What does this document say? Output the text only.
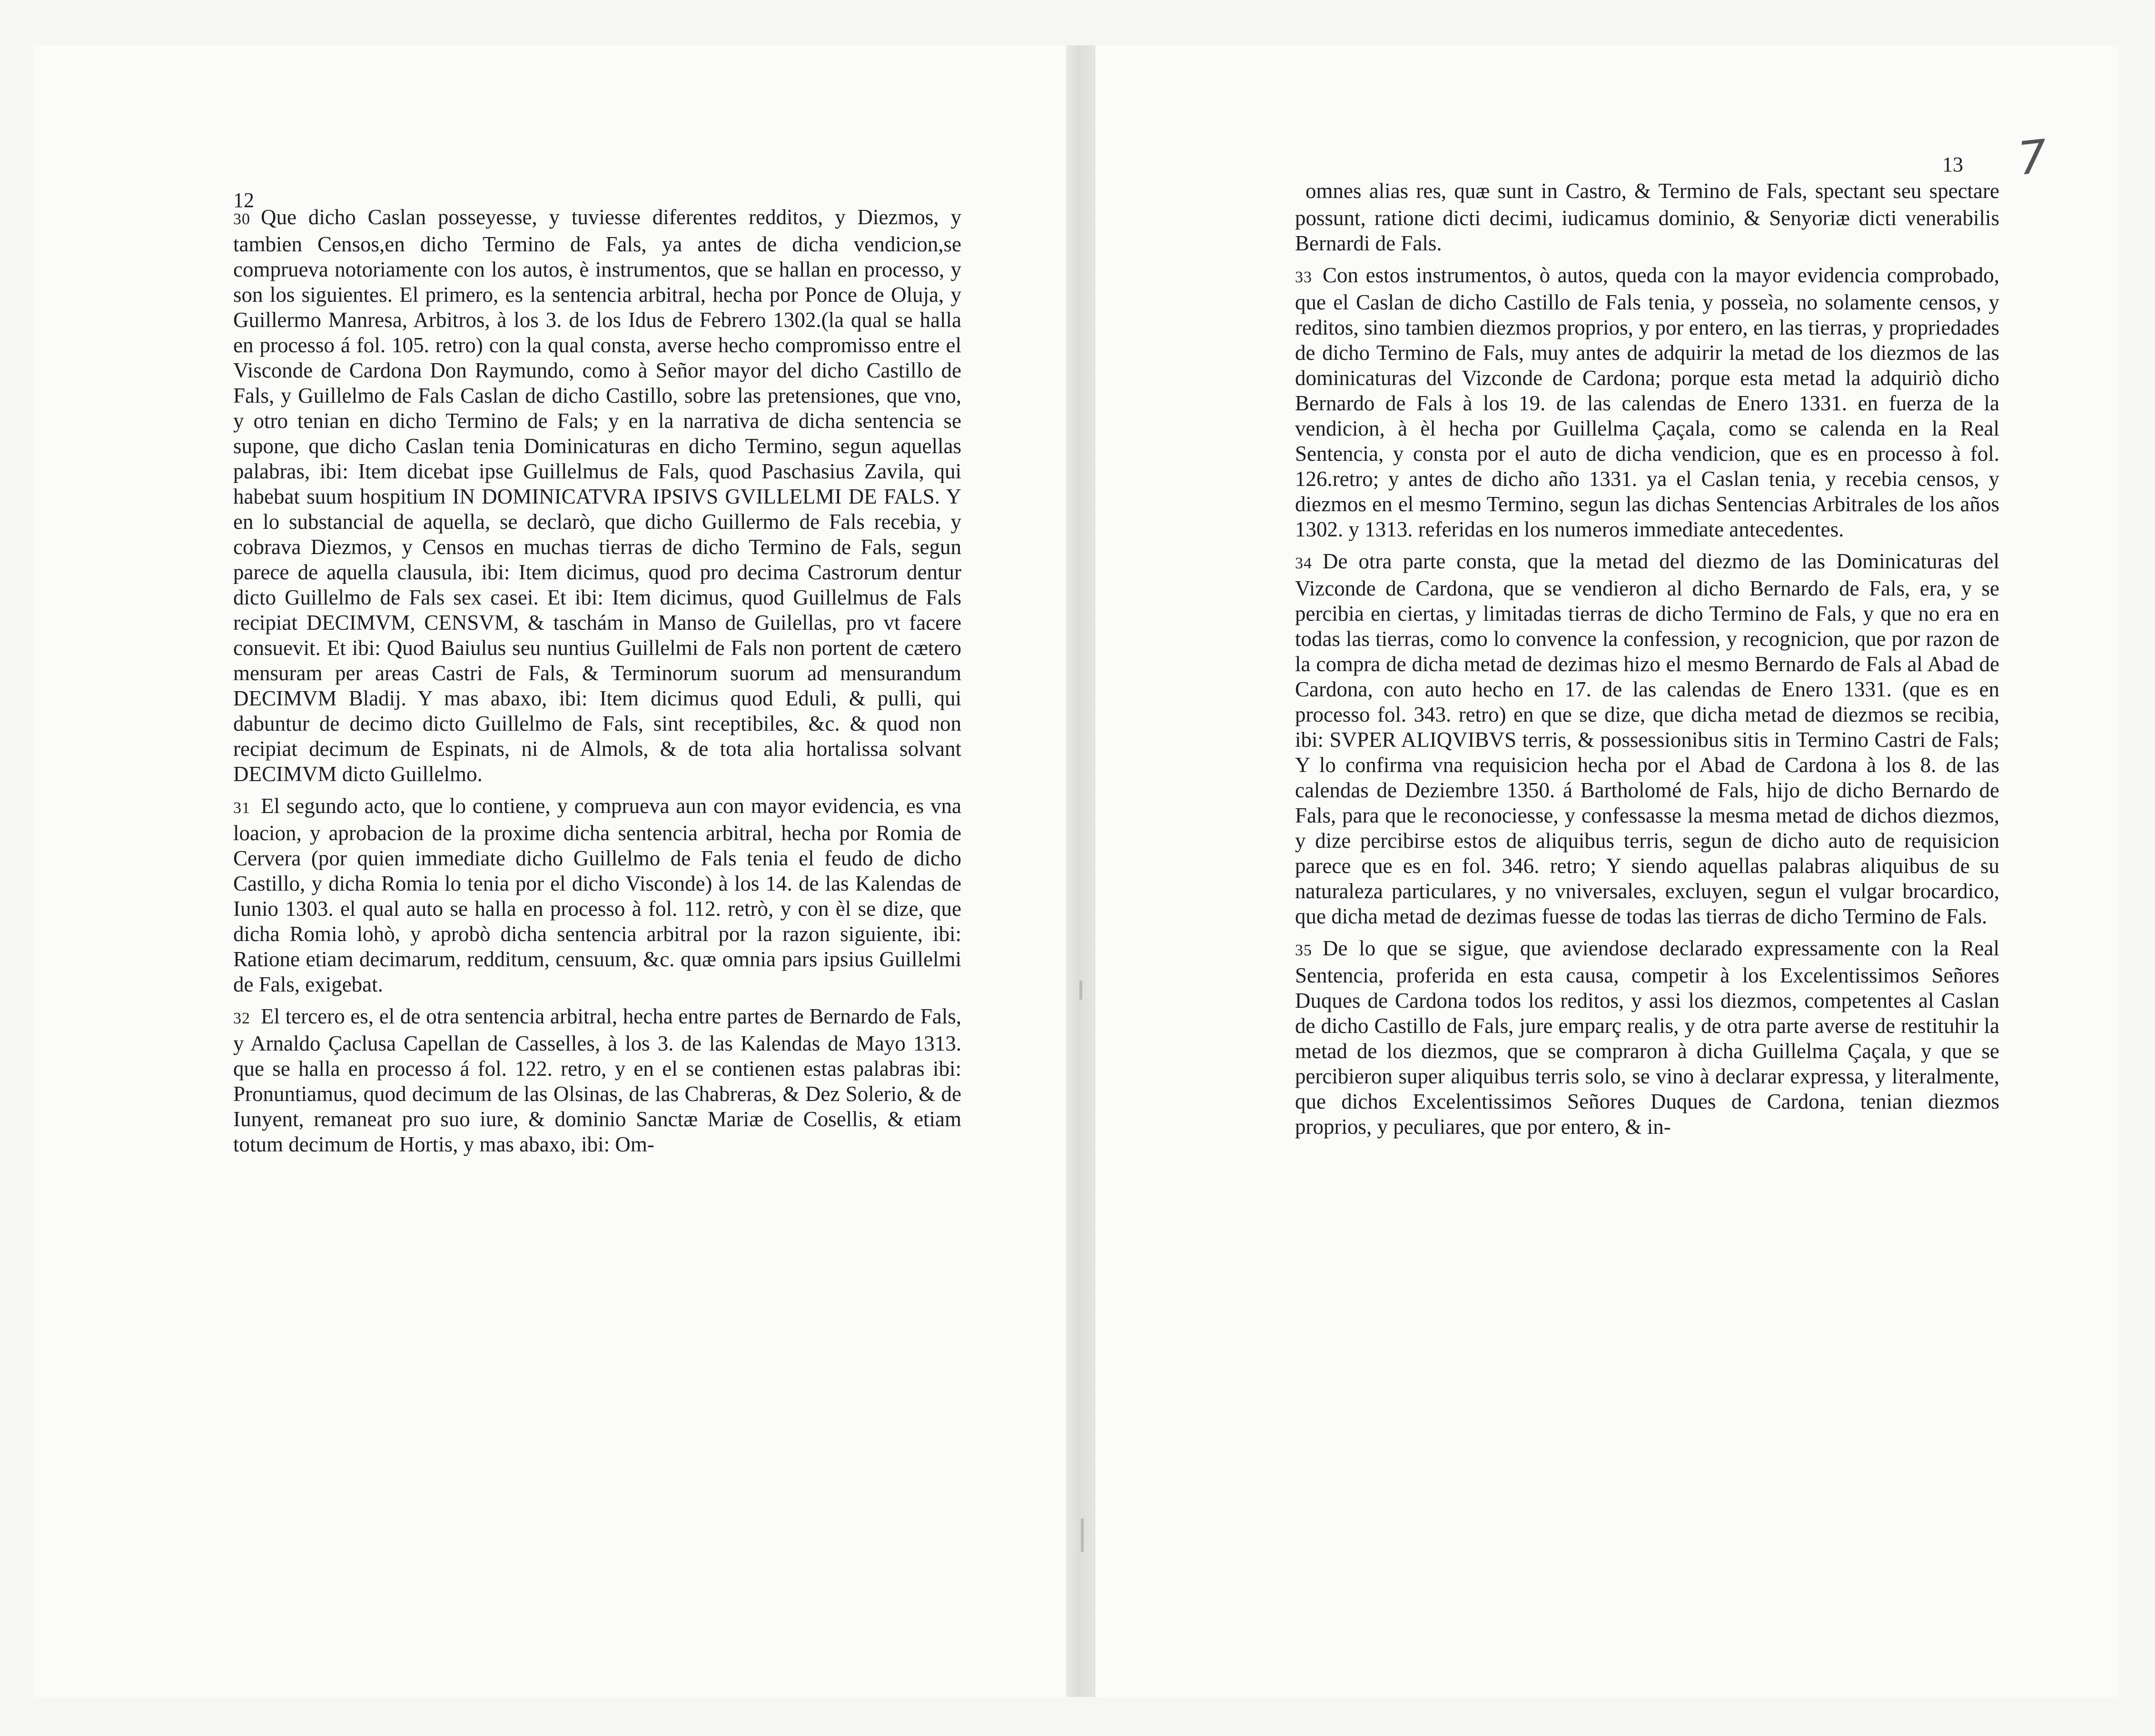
12

30 Que dicho Caslan posseyesse, y tuviesse diferentes redditos, y Diezmos, y tambien Censos,en dicho Termino de Fals, ya antes de dicha vendicion,se comprueva notoriamente con los autos, è instrumentos, que se hallan en processo, y son los siguientes. El primero, es la sentencia arbitral, hecha por Ponce de Oluja, y Guillermo Manresa, Arbitros, à los 3. de los Idus de Febrero 1302.(la qual se halla en processo á fol. 105. retro) con la qual consta, averse hecho compromisso entre el Visconde de Cardona Don Raymundo, como à Señor mayor del dicho Castillo de Fals, y Guillelmo de Fals Caslan de dicho Castillo, sobre las pretensiones, que vno, y otro tenian en dicho Termino de Fals; y en la narrativa de dicha sentencia se supone, que dicho Caslan tenia Dominicaturas en dicho Termino, segun aquellas palabras, ibi: Item dicebat ipse Guillelmus de Fals, quod Paschasius Zavila, qui habebat suum hospitium IN DOMINICATVRA IPSIVS GVILLELMI DE FALS. Y en lo substancial de aquella, se declarò, que dicho Guillermo de Fals recebia, y cobrava Diezmos, y Censos en muchas tierras de dicho Termino de Fals, segun parece de aquella clausula, ibi: Item dicimus, quod pro decima Castrorum dentur dicto Guillelmo de Fals sex casei. Et ibi: Item dicimus, quod Guillelmus de Fals recipiat DECIMVM, CENSVM, & taschám in Manso de Guilellas, pro vt facere consuevit. Et ibi: Quod Baiulus seu nuntius Guillelmi de Fals non portent de cætero mensuram per areas Castri de Fals, & Terminorum suorum ad mensurandum DECIMVM Bladij. Y mas abaxo, ibi: Item dicimus quod Eduli, & pulli, qui dabuntur de decimo dicto Guillelmo de Fals, sint receptibiles, &c. & quod non recipiat decimum de Espinats, ni de Almols, & de tota alia hortalissa solvant DECIMVM dicto Guillelmo.

31 El segundo acto, que lo contiene, y comprueva aun con mayor evidencia, es vna loacion, y aprobacion de la proxime dicha sentencia arbitral, hecha por Romia de Cervera (por quien immediate dicho Guillelmo de Fals tenia el feudo de dicho Castillo, y dicha Romia lo tenia por el dicho Visconde) à los 14. de las Kalendas de Iunio 1303. el qual auto se halla en processo à fol. 112. retrò, y con èl se dize, que dicha Romia lohò, y aprobò dicha sentencia arbitral por la razon siguiente, ibi: Ratione etiam decimarum, redditum, censuum, &c. quæ omnia pars ipsius Guillelmi de Fals, exigebat.

32 El tercero es, el de otra sentencia arbitral, hecha entre partes de Bernardo de Fals, y Arnaldo Çaclusa Capellan de Casselles, à los 3. de las Kalendas de Mayo 1313. que se halla en processo á fol. 122. retro, y en el se contienen estas palabras ibi: Pronuntiamus, quod decimum de las Olsinas, de las Chabreras, & Dez Solerio, & de Iunyent, remaneat pro suo iure, & dominio Sanctæ Mariæ de Cosellis, & etiam totum decimum de Hortis, y mas abaxo, ibi: Om-

7
13

omnes alias res, quæ sunt in Castro, & Termino de Fals, spectant seu spectare possunt, ratione dicti decimi, iudicamus dominio, & Senyoriæ dicti venerabilis Bernardi de Fals.

33 Con estos instrumentos, ò autos, queda con la mayor evidencia comprobado, que el Caslan de dicho Castillo de Fals tenia, y posseìa, no solamente censos, y reditos, sino tambien diezmos proprios, y por entero, en las tierras, y propriedades de dicho Termino de Fals, muy antes de adquirir la metad de los diezmos de las dominicaturas del Vizconde de Cardona; porque esta metad la adquiriò dicho Bernardo de Fals à los 19. de las calendas de Enero 1331. en fuerza de la vendicion, à èl hecha por Guillelma Çaçala, como se calenda en la Real Sentencia, y consta por el auto de dicha vendicion, que es en processo à fol. 126.retro; y antes de dicho año 1331. ya el Caslan tenia, y recebia censos, y diezmos en el mesmo Termino, segun las dichas Sentencias Arbitrales de los años 1302. y 1313. referidas en los numeros immediate antecedentes.

34 De otra parte consta, que la metad del diezmo de las Dominicaturas del Vizconde de Cardona, que se vendieron al dicho Bernardo de Fals, era, y se percibia en ciertas, y limitadas tierras de dicho Termino de Fals, y que no era en todas las tierras, como lo convence la confession, y recognicion, que por razon de la compra de dicha metad de dezimas hizo el mesmo Bernardo de Fals al Abad de Cardona, con auto hecho en 17. de las calendas de Enero 1331. (que es en processo fol. 343. retro) en que se dize, que dicha metad de diezmos se recibia, ibi: SVPER ALIQVIBVS terris, & possessionibus sitis in Termino Castri de Fals; Y lo confirma vna requisicion hecha por el Abad de Cardona à los 8. de las calendas de Deziembre 1350. á Bartholomé de Fals, hijo de dicho Bernardo de Fals, para que le reconociesse, y confessasse la mesma metad de dichos diezmos, y dize percibirse estos de aliquibus terris, segun de dicho auto de requisicion parece que es en fol. 346. retro; Y siendo aquellas palabras aliquibus de su naturaleza particulares, y no vniversales, excluyen, segun el vulgar brocardico, que dicha metad de dezimas fuesse de todas las tierras de dicho Termino de Fals.

35 De lo que se sigue, que aviendose declarado expressamente con la Real Sentencia, proferida en esta causa, competir à los Excelentissimos Señores Duques de Cardona todos los reditos, y assi los diezmos, competentes al Caslan de dicho Castillo de Fals, jure emparç realis, y de otra parte averse de restituhir la metad de los diezmos, que se compraron à dicha Guillelma Çaçala, y que se percibieron super aliquibus terris solo, se vino à declarar expressa, y literalmente, que dichos Excelentissimos Señores Duques de Cardona, tenian diezmos proprios, y peculiares, que por entero, & in-
